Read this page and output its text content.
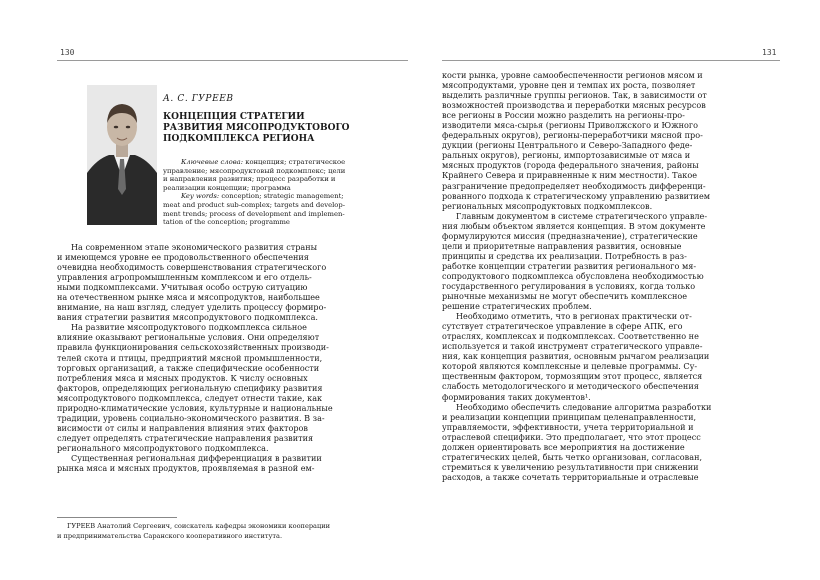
130
А. С. ГУРЕЕВ
КОНЦЕПЦИЯ СТРАТЕГИИ
РАЗВИТИЯ МЯСОПРОДУКТОВОГО
ПОДКОМПЛЕКСА РЕГИОНА
Ключевые слова: концепция; стратегическое
управление; мясопродуктовый подкомплекс; цели
и направления развития; процесс разработки и
реализации концепции; программа
Key words: conception; strategic management;
meat and product sub-complex; targets and develop-
ment trends; process of development and implemen-
tation of the conception; programme
На современном этапе экономического развития страны
и имеющемся уровне ее продовольственного обеспечения
очевидна необходимость совершенствования стратегического
управления агропромышленным комплексом и его отдель-
ными подкомплексами. Учитывая особо острую ситуацию
на отечественном рынке мяса и мясопродуктов, наибольшее
внимание, на наш взгляд, следует уделить процессу формиро-
вания стратегии развития мясопродуктового подкомплекса.
На развитие мясопродуктового подкомплекса сильное
влияние оказывают региональные условия. Они определяют
правила функционирования сельскохозяйственных производи-
телей скота и птицы, предприятий мясной промышленности,
торговых организаций, а также специфические особенности
потребления мяса и мясных продуктов. К числу основных
факторов, определяющих региональную специфику развития
мясопродуктового подкомплекса, следует отнести такие, как
природно-климатические условия, культурные и национальные
традиции, уровень социально-экономического развития. В за-
висимости от силы и направления влияния этих факторов
следует определять стратегические направления развития
регионального мясопродуктового подкомплекса.
Существенная региональная дифференциация в развитии
рынка мяса и мясных продуктов, проявляемая в разной ем-
ГУРЕЕВ Анатолий Сергеевич, соискатель кафедры экономики кооперации
и предпринимательства Саранского кооперативного института.
131
кости рынка, уровне самообеспеченности регионов мясом и
мясопродуктами, уровне цен и темпах их роста, позволяет
выделить различные группы регионов. Так, в зависимости от
возможностей производства и переработки мясных ресурсов
все регионы в России можно разделить на регионы-про-
изводители мяса-сырья (регионы Приволжского и Южного
федеральных округов), регионы-переработчики мясной про-
дукции (регионы Центрального и Северо-Западного феде-
ральных округов), регионы, импортозависимые от мяса и
мясных продуктов (города федерального значения, районы
Крайнего Севера и приравненные к ним местности). Такое
разграничение предопределяет необходимость дифференци-
рованного подхода к стратегическому управлению развитием
региональных мясопродуктовых подкомплексов.
Главным документом в системе стратегического управле-
ния любым объектом является концепция. В этом документе
формулируются миссия (предназначение), стратегические
цели и приоритетные направления развития, основные
принципы и средства их реализации. Потребность в раз-
работке концепции стратегии развития регионального мя-
сопродуктового подкомплекса обусловлена необходимостью
государственного регулирования в условиях, когда только
рыночные механизмы не могут обеспечить комплексное
решение стратегических проблем.
Необходимо отметить, что в регионах практически от-
сутствует стратегическое управление в сфере АПК, его
отраслях, комплексах и подкомплексах. Соответственно не
используется и такой инструмент стратегического управле-
ния, как концепция развития, основным рычагом реализации
которой являются комплексные и целевые программы. Су-
щественным фактором, тормозящим этот процесс, является
слабость методологического и методического обеспечения
формирования таких документов¹.
Необходимо обеспечить следование алгоритма разработки
и реализации концепции принципам целенаправленности,
управляемости, эффективности, учета территориальной и
отраслевой специфики. Это предполагает, что этот процесс
должен ориентировать все мероприятия на достижение
стратегических целей, быть четко организован, согласован,
стремиться к увеличению результативности при снижении
расходов, а также сочетать территориальные и отраслевые
